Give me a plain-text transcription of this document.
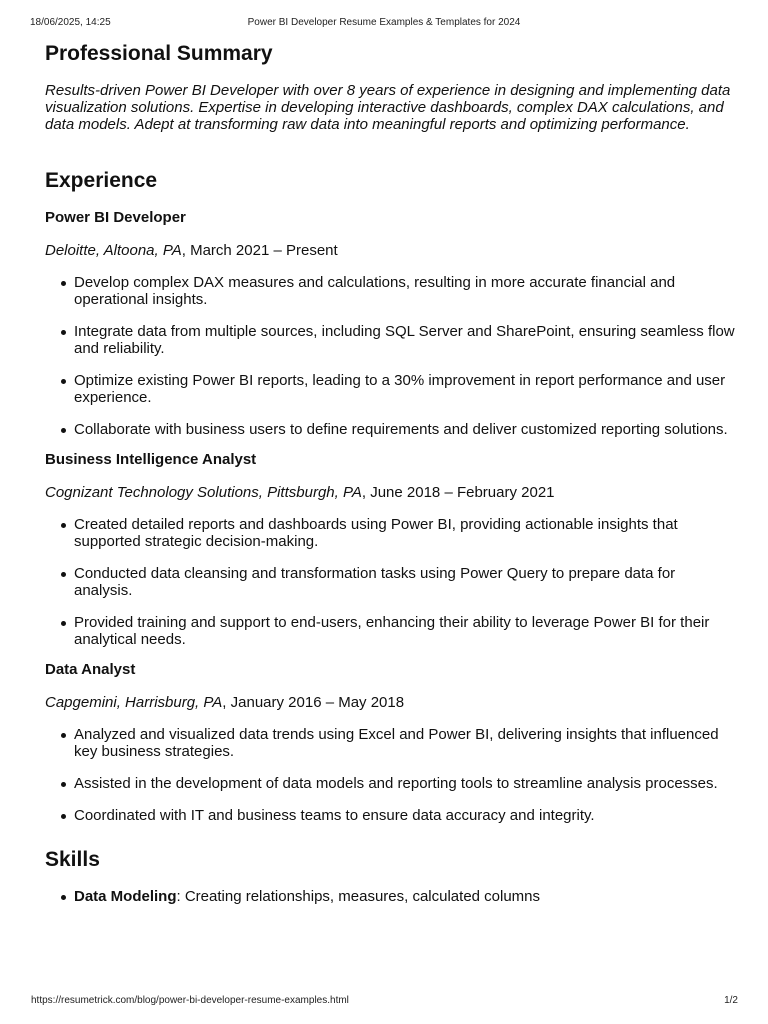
18/06/2025, 14:25	Power BI Developer Resume Examples & Templates for 2024
Professional Summary

Results-driven Power BI Developer with over 8 years of experience in designing and implementing data visualization solutions. Expertise in developing interactive dashboards, complex DAX calculations, and data models. Adept at transforming raw data into meaningful reports and optimizing performance.

Experience

Power BI Developer

Deloitte, Altoona, PA, March 2021 – Present

Develop complex DAX measures and calculations, resulting in more accurate financial and operational insights.
Integrate data from multiple sources, including SQL Server and SharePoint, ensuring seamless flow and reliability.
Optimize existing Power BI reports, leading to a 30% improvement in report performance and user experience.
Collaborate with business users to define requirements and deliver customized reporting solutions.

Business Intelligence Analyst

Cognizant Technology Solutions, Pittsburgh, PA, June 2018 – February 2021

Created detailed reports and dashboards using Power BI, providing actionable insights that supported strategic decision-making.
Conducted data cleansing and transformation tasks using Power Query to prepare data for analysis.
Provided training and support to end-users, enhancing their ability to leverage Power BI for their analytical needs.

Data Analyst

Capgemini, Harrisburg, PA, January 2016 – May 2018

Analyzed and visualized data trends using Excel and Power BI, delivering insights that influenced key business strategies.
Assisted in the development of data models and reporting tools to streamline analysis processes.
Coordinated with IT and business teams to ensure data accuracy and integrity.
Skills
Data Modeling: Creating relationships, measures, calculated columns
https://resumetrick.com/blog/power-bi-developer-resume-examples.html	1/2
